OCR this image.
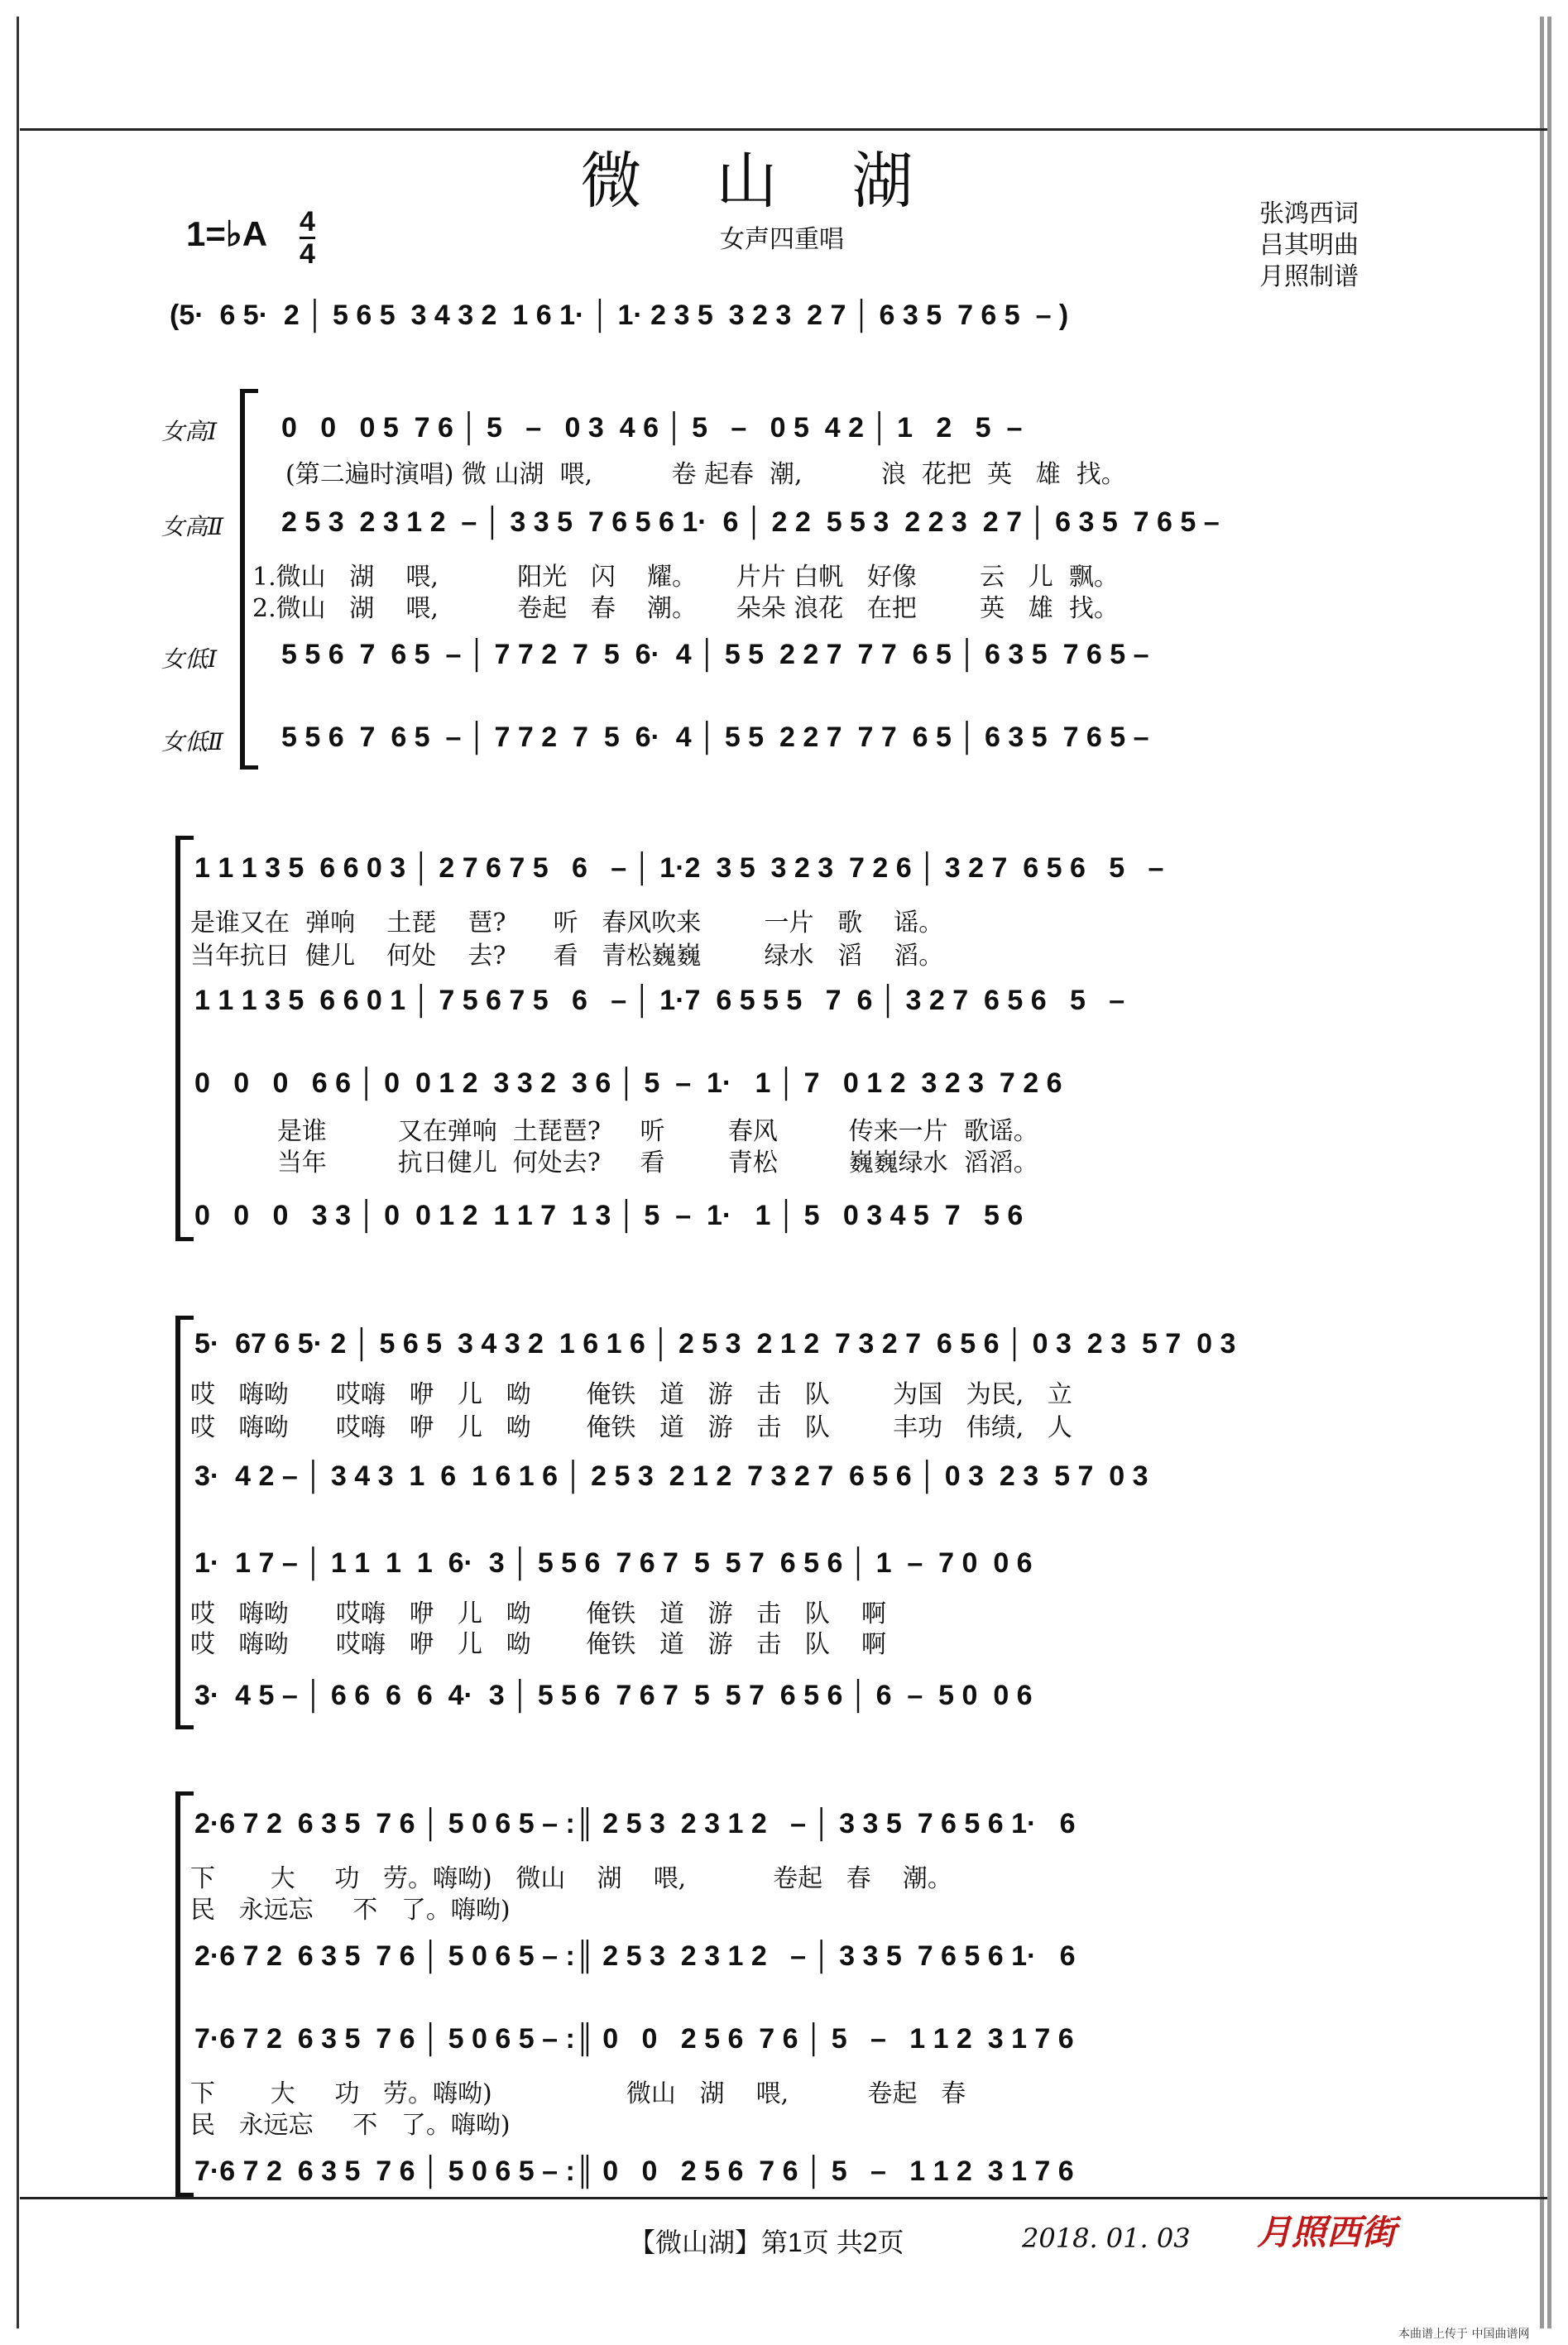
微山湖
1=♭A $\frac{4}{4}$	女声四重唱
张鸿西词
吕其明曲
月照制谱
(5·  6 5·  2 │ 5 6 5  3 4 3 2  1 6 1· │ 1· 2 3 5  3 2 3  2 7 │ 6 3 5  7 6 5  – )
女高Ⅰ
女高Ⅱ
女低Ⅰ
女低Ⅱ
0   0   0 5  7 6 │ 5   –   0 3  4 6 │ 5   –   0 5  4 2 │ 1   2   5  –
(第二遍时演唱) 微 山湖  喂,          卷 起春  潮,          浪  花把  英   雄  找。
2 5 3  2 3 1 2  – │ 3 3 5  7 6 5 6 1·  6 │ 2 2  5 5 3  2 2 3  2 7 │ 6 3 5  7 6 5 –
1.微山   湖    喂,          阳光   闪    耀。     片片 白帆   好像        云   儿  飘。
2.微山   湖    喂,          卷起   春    潮。     朵朵 浪花   在把        英   雄  找。
5 5 6  7  6 5  – │ 7 7 2  7  5  6·  4 │ 5 5  2 2 7  7 7  6 5 │ 6 3 5  7 6 5 –
5 5 6  7  6 5  – │ 7 7 2  7  5  6·  4 │ 5 5  2 2 7  7 7  6 5 │ 6 3 5  7 6 5 –
1 1 1 3 5  6 6 0 3 │ 2 7 6 7 5   6   – │ 1·2  3 5  3 2 3  7 2 6 │ 3 2 7  6 5 6   5   –
是谁又在  弹响    土琵    琶?      听   春风吹来        一片   歌    谣。
当年抗日  健儿    何处    去?      看   青松巍巍        绿水   滔    滔。
1 1 1 3 5  6 6 0 1 │ 7 5 6 7 5   6   – │ 1·7  6 5 5 5   7  6 │ 3 2 7  6 5 6   5   –
0   0   0   6 6 │ 0  0 1 2  3 3 2  3 6 │ 5  –  1·   1 │ 7   0 1 2  3 2 3  7 2 6
是谁         又在弹响  土琵琶?     听        春风         传来一片  歌谣。
当年         抗日健儿  何处去?     看        青松         巍巍绿水  滔滔。
0   0   0   3 3 │ 0  0 1 2  1 1 7  1 3 │ 5  –  1·   1 │ 5   0 3 4 5  7   5 6
5·  67 6 5· 2 │ 5 6 5  3 4 3 2  1 6 1 6 │ 2 5 3  2 1 2  7 3 2 7  6 5 6 │ 0 3  2 3  5 7  0 3
哎   嗨呦      哎嗨   咿   儿   呦       俺铁   道   游   击   队        为国   为民,   立
哎   嗨呦      哎嗨   咿   儿   呦       俺铁   道   游   击   队        丰功   伟绩,   人
3·  4 2 – │ 3 4 3  1  6  1 6 1 6 │ 2 5 3  2 1 2  7 3 2 7  6 5 6 │ 0 3  2 3  5 7  0 3
1·  1 7 – │ 1 1  1  1  6·  3 │ 5 5 6  7 6 7  5  5 7  6 5 6 │ 1  –  7 0  0 6
哎   嗨呦      哎嗨   咿   儿   呦       俺铁   道   游   击   队    啊
哎   嗨呦      哎嗨   咿   儿   呦       俺铁   道   游   击   队    啊
3·  4 5 – │ 6 6  6  6  4·  3 │ 5 5 6  7 6 7  5  5 7  6 5 6 │ 6  –  5 0  0 6
2·6 7 2  6 3 5  7 6 │ 5 0 6 5 – :║ 2 5 3  2 3 1 2   – │ 3 3 5  7 6 5 6 1·   6
下       大     功   劳。嗨呦)   微山    湖    喂,           卷起   春    潮。
民   永远忘     不   了。嗨呦)
2·6 7 2  6 3 5  7 6 │ 5 0 6 5 – :║ 2 5 3  2 3 1 2   – │ 3 3 5  7 6 5 6 1·   6
7·6 7 2  6 3 5  7 6 │ 5 0 6 5 – :║ 0   0   2 5 6  7 6 │ 5   –   1 1 2  3 1 7 6
下       大     功   劳。嗨呦)                 微山   湖    喂,          卷起   春
民   永远忘     不   了。嗨呦)
7·6 7 2  6 3 5  7 6 │ 5 0 6 5 – :║ 0   0   2 5 6  7 6 │ 5   –   1 1 2  3 1 7 6
【微山湖】第1页 共2页	2018. 01. 03 月照西街
本曲谱上传于 中国曲谱网
